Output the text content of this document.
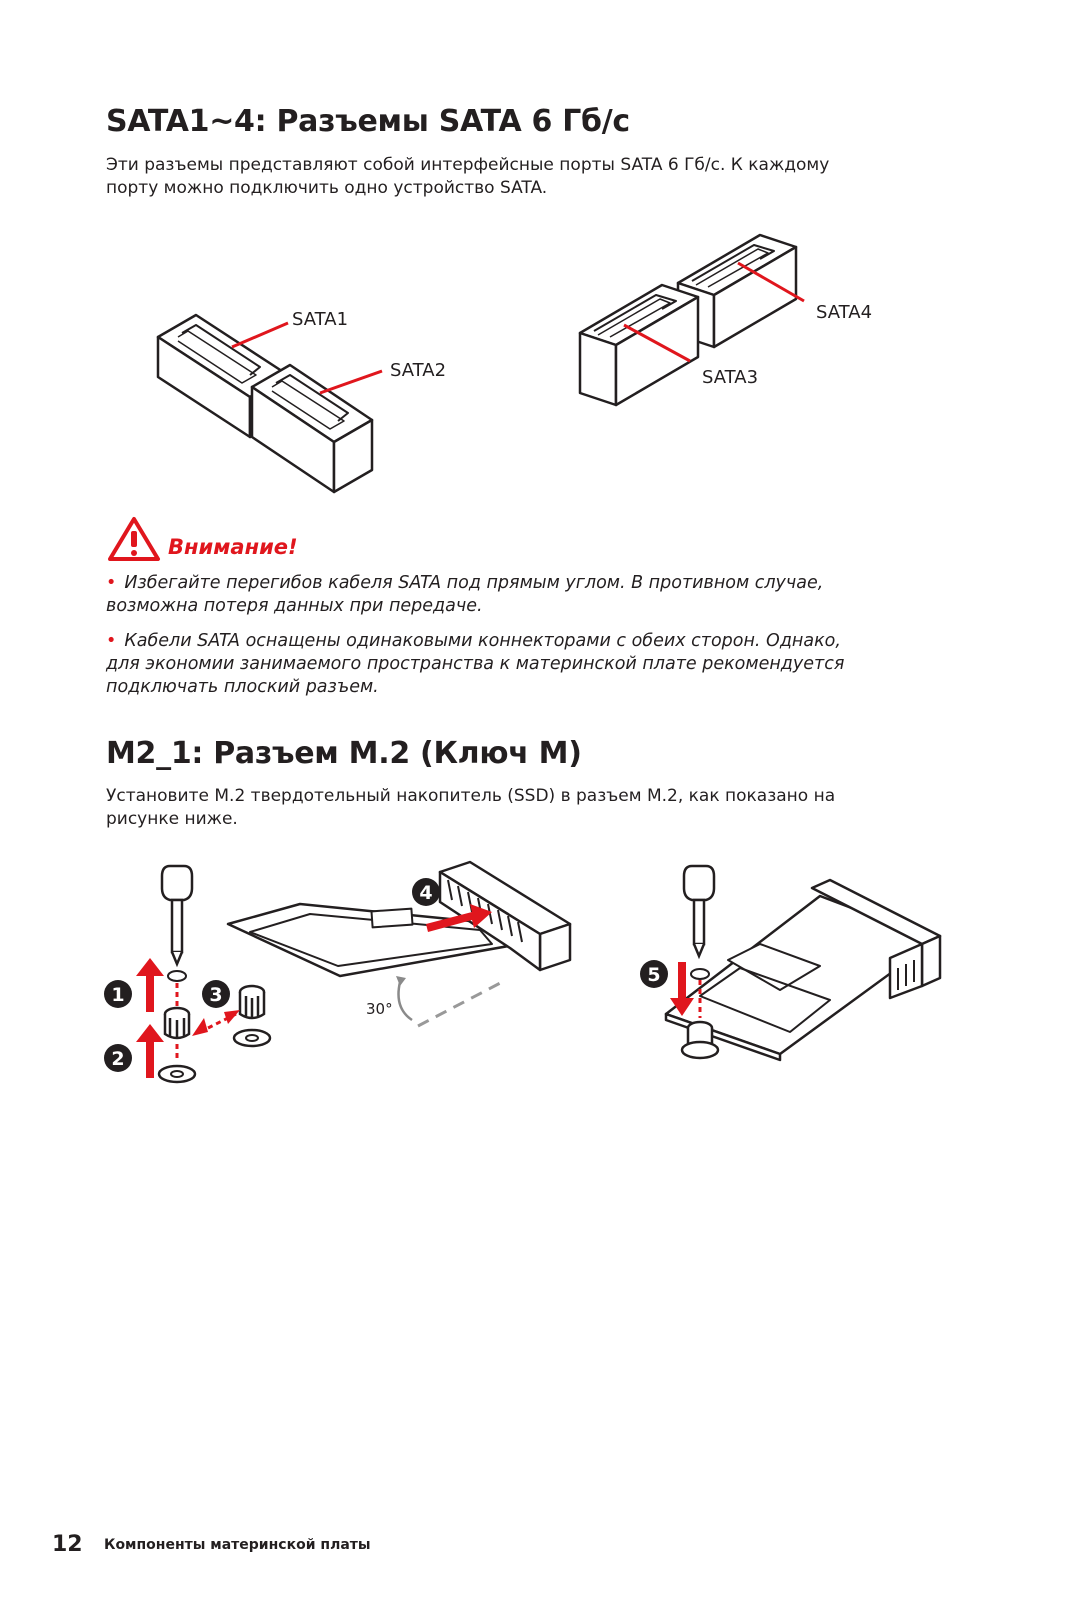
SATA1~4: Разъемы SATA 6 Гб/с

Эти разъемы представляют собой интерфейсные порты SATA 6 Гб/с. К каждому

порту можно подключить одно устройство SATA.

SATA1
SATA2
SATA4
SATA3
Внимание!

• Избегайте перегибов кабеля SATA под прямым углом. В противном случае,

возможна потеря данных при передаче.

• Кабели SATA оснащены одинаковыми коннекторами с обеих сторон. Однако,

для экономии занимаемого пространства к материнской плате рекомендуется

подключать плоский разъем.

M2_1: Разъем M.2 (Ключ M)

Установите M.2 твердотельный накопитель (SSD) в разъем M.2, как показано на

рисунке ниже.

1
2
3
4
30°
5
12 Компоненты материнской платы
